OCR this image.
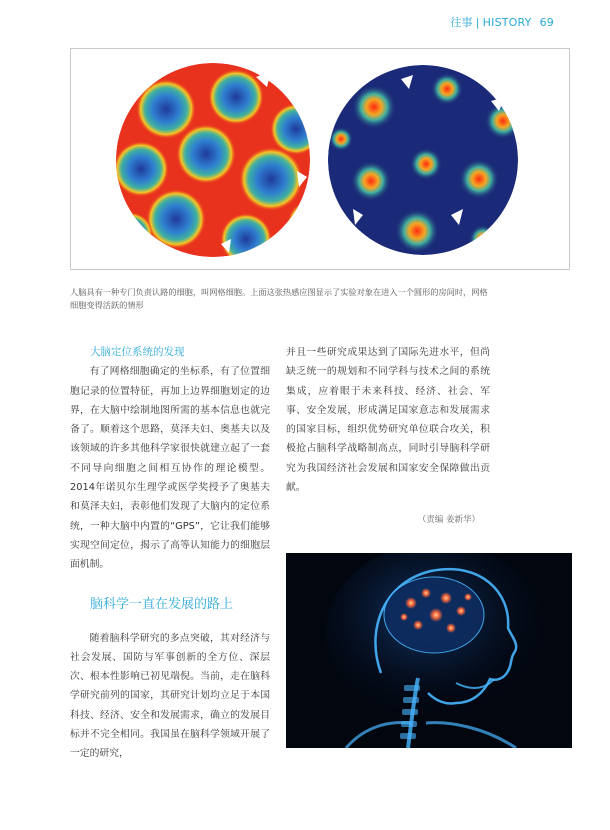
往事 | HISTORY 69
人脑具有一种专门负责认路的细胞，叫网格细胞。上面这张热感应图显示了实验对象在进入一个圆形的房间时，网格细胞变得活跃的情形
大脑定位系统的发现

有了网格细胞确定的坐标系，有了位置细胞记录的位置特征，再加上边界细胞划定的边界，在大脑中绘制地图所需的基本信息也就完备了。顺着这个思路，莫泽夫妇、奥基夫以及该领域的许多其他科学家很快就建立起了一套不同导向细胞之间相互协作的理论模型。2014年诺贝尔生理学或医学奖授予了奥基夫和莫泽夫妇，表彰他们发现了大脑内的定位系统，一种大脑中内置的“GPS”，它让我们能够实现空间定位，揭示了高等认知能力的细胞层面机制。

脑科学一直在发展的路上

随着脑科学研究的多点突破，其对经济与社会发展、国防与军事创新的全方位、深层次、根本性影响已初见端倪。当前，走在脑科学研究前列的国家，其研究计划均立足于本国科技、经济、安全和发展需求，确立的发展目标并不完全相同。我国虽在脑科学领域开展了一定的研究，

并且一些研究成果达到了国际先进水平，但尚缺乏统一的规划和不同学科与技术之间的系统集成，应着眼于未来科技、经济、社会、军事、安全发展，形成满足国家意志和发展需求的国家目标，组织优势研究单位联合攻关，积极抢占脑科学战略制高点，同时引导脑科学研究为我国经济社会发展和国家安全保障做出贡献。

（责编 姜新华）
